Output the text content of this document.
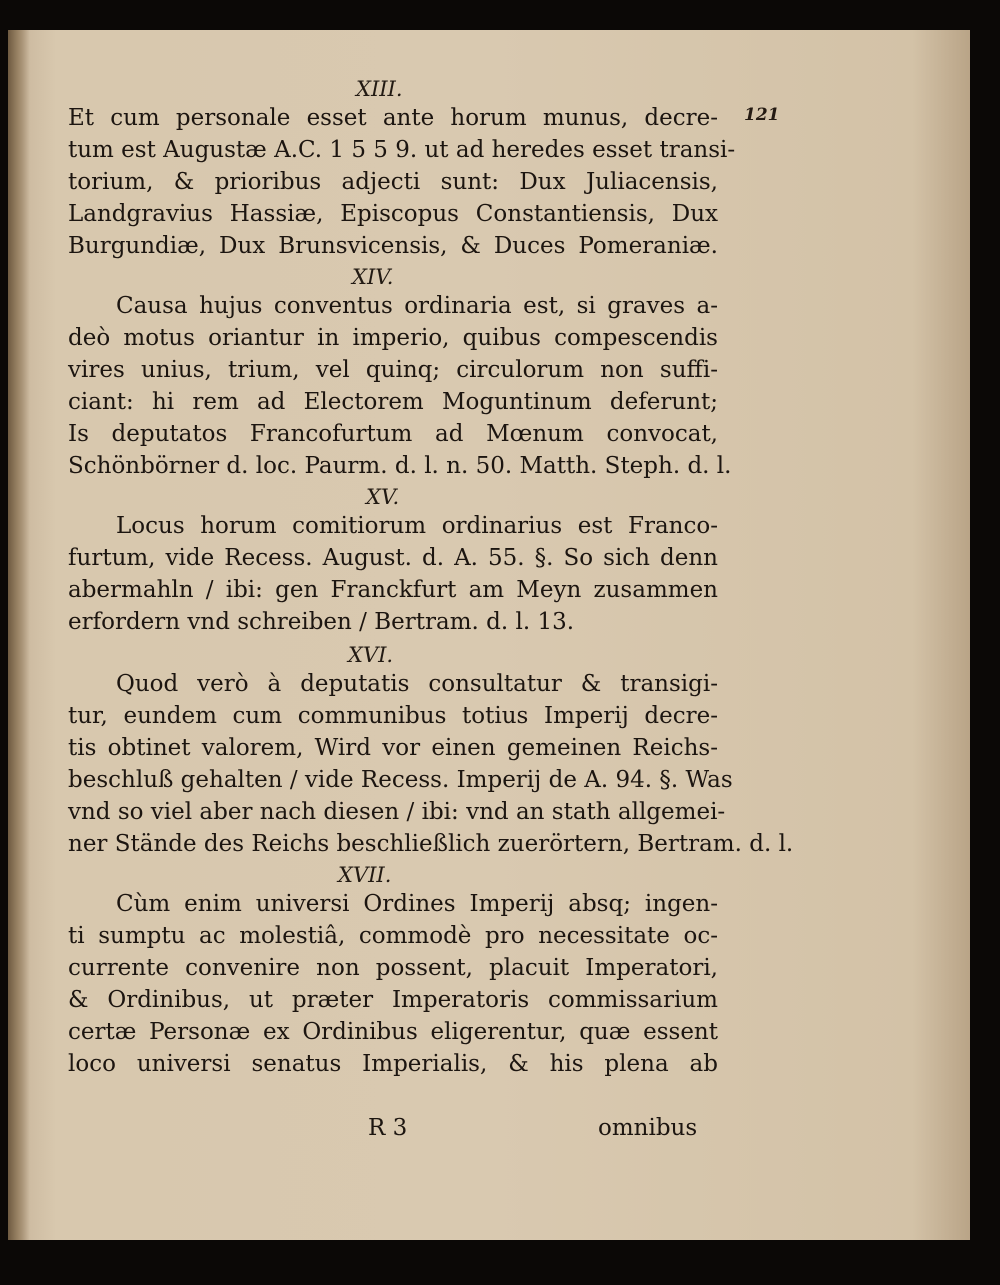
XIII.
121
Et cum personale esset ante horum munus, decre-
tum est Augustæ A.C. 1 5 5 9. ut ad heredes esset transi-
torium, & prioribus adjecti sunt: Dux Juliacensis,
Landgravius Hassiæ, Episcopus Constantiensis, Dux
Burgundiæ, Dux Brunsvicensis, & Duces Pomeraniæ.
XIV.
Causa hujus conventus ordinaria est, si graves a-
deò motus oriantur in imperio, quibus compescendis
vires unius, trium, vel quinq; circulorum non suffi-
ciant: hi rem ad Electorem Moguntinum deferunt;
Is deputatos Francofurtum ad Mœnum convocat,
Schönbörner d. loc. Paurm. d. l. n. 50. Matth. Steph. d. l.
XV.
Locus horum comitiorum ordinarius est Franco-
furtum, vide Recess. August. d. A. 55. §. So sich denn
abermahln / ibi: gen Franckfurt am Meyn zusammen
erfordern vnd schreiben / Bertram. d. l. 13.
XVI.
Quod verò à deputatis consultatur & transigi-
tur, eundem cum communibus totius Imperij decre-
tis obtinet valorem, Wird vor einen gemeinen Reichs-
beschluß gehalten / vide Recess. Imperij de A. 94. §. Was
vnd so viel aber nach diesen / ibi: vnd an stath allgemei-
ner Stände des Reichs beschließlich zuerörtern, Bertram. d. l.
XVII.
Cùm enim universi Ordines Imperij absq; ingen-
ti sumptu ac molestiâ, commodè pro necessitate oc-
currente convenire non possent, placuit Imperatori,
& Ordinibus, ut præter Imperatoris commissarium
certæ Personæ ex Ordinibus eligerentur, quæ essent
loco universi senatus Imperialis, & his plena ab
R 3	omnibus
